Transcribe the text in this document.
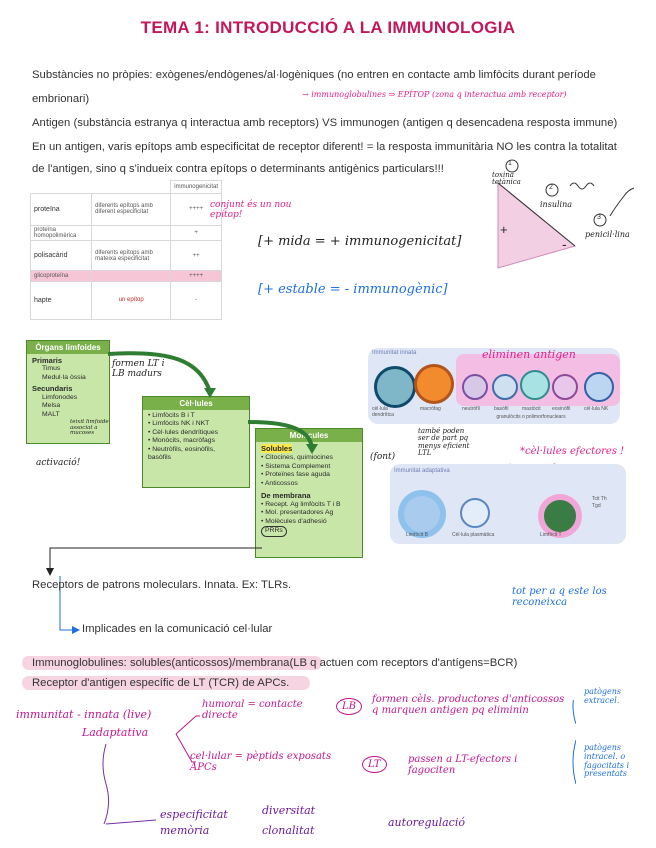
TEMA 1: INTRODUCCIÓ A LA IMMUNOLOGIA
Substàncies no pròpies: exògenes/endògenes/al·logèniques (no entren en contacte amb limfòcits durant període
embrionari)	→ immunoglobulines ⇒ EPÍTOP (zona q interactua amb receptor)
Antigen (substància estranya q interactua amb receptors) VS immunogen (antigen q desencadena resposta immune)
En un antigen, varis epítops amb especificitat de receptor diferent! = la resposta immunitària NO les contra la totalitat
de l'antigen, sino q s'indueix contra epítops o determinants antigènics particulars!!!
		immunogenicitat
proteïna	diferents epítops amb diferent especificitat	++++
proteïna homopolimèrica		+
polisacàrid	diferents epítops amb mateixa especificitat	++
glicoproteïna		++++
hapte	un epítop	-
conjunt és un nou epítop!
[+ mida = + immunogenicitat]
[+ estable = - immunogènic]
1
toxina tetànica
2
insulina
3
penicil·lina
+
-
Òrgans limfoides
Primaris
Timus
Medul·la òssia
Secundaris
Limfonodes
Melsa
MALT
teixit limfoide associat a mucoses
formen LT i LB madurs
activació!
Cèl·lules
• Limfòcits B i T
• Limfòcits NK i NKT
• Cèl·lules dendrítiques
• Monòcits, macròfags
• Neutròfils, eosinòfils, basòfils
Molècules
Solubles
• Citocines, quimiocines
• Sistema Complement
• Proteïnes fase aguda
• Anticossos
De membrana
• Recept. Ag limfòcits T i B
• Mol. presentadores Ag
• Molècules d'adhesió
PRRs
Immunitat innata	eliminen antigen
cèl·lula dendrítica
macròfag	neutròfil	basòfil	mastòcit eosinòfil	cèl·lula NK
granulòcits o polimorfonuclears
també poden ser de part pq menys eficient LTL
(font)	*cèl·lules efectores !
Immunitat adaptativa
Limfòcit B	Cèl·lula plasmàtica	Limfòcit T
Tcit Th Tgd
tot per a q este los reconeixca
Receptors de patrons moleculars. Innata. Ex: TLRs.
Implicades en la comunicació cel·lular
Immunoglobulines: solubles(anticossos)/membrana(LB q actuen com receptors d'antígens=BCR)
Receptor d'antigen específic de LT (TCR) de APCs.
immunitat - innata (live)
Ladaptativa
humoral = contacte directe
LB
formen cèls. productores d'anticossos q marquen antigen pq eliminin
cel·lular = pèptids exposats APCs	LT	passen a LT-efectors i fagociten
patògens extracel.
patògens intracel. o fagocitats i presentats
especificitat
memòria
diversitat
clonalitat
autoregulació
